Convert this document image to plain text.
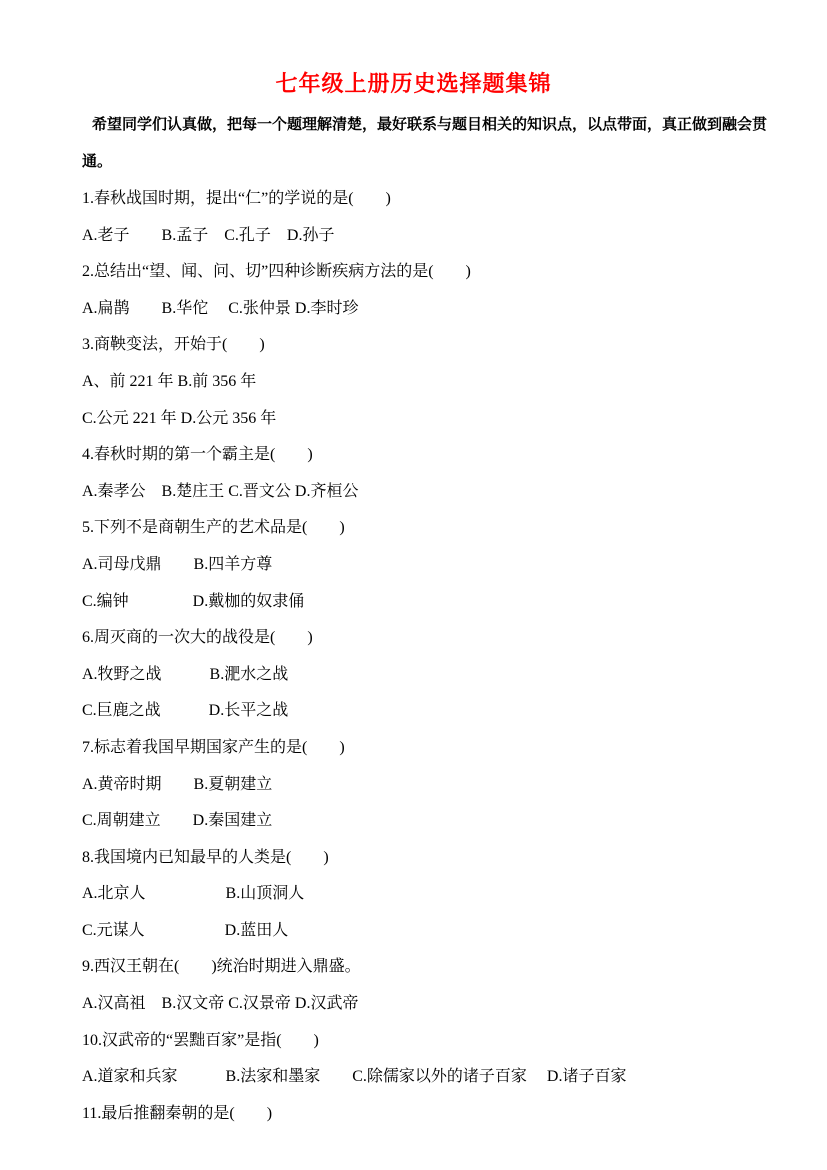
七年级上册历史选择题集锦

希望同学们认真做，把每一个题理解清楚，最好联系与题目相关的知识点，以点带面，真正做到融会贯通。

1.春秋战国时期，提出“仁”的学说的是(　　)

A.老子　　B.孟子　C.孔子　D.孙子

2.总结出“望、闻、问、切”四种诊断疾病方法的是(　　)

A.扁鹊　　B.华佗　 C.张仲景 D.李时珍

3.商鞅变法，开始于(　　)

A、前 221 年 B.前 356 年

C.公元 221 年 D.公元 356 年

4.春秋时期的第一个霸主是(　　)

A.秦孝公　B.楚庄王 C.晋文公 D.齐桓公

5.下列不是商朝生产的艺术品是(　　)

A.司母戊鼎　　B.四羊方尊

C.编钟　　　　D.戴枷的奴隶俑

6.周灭商的一次大的战役是(　　)

A.牧野之战　　　B.淝水之战

C.巨鹿之战　　　D.长平之战

7.标志着我国早期国家产生的是(　　)

A.黄帝时期　　B.夏朝建立

C.周朝建立　　D.秦国建立

8.我国境内已知最早的人类是(　　)

A.北京人　　　　　B.山顶洞人

C.元谋人　　　　　D.蓝田人

9.西汉王朝在(　　)统治时期进入鼎盛。

A.汉高祖　B.汉文帝 C.汉景帝 D.汉武帝

10.汉武帝的“罢黜百家”是指(　　)

A.道家和兵家　　　B.法家和墨家　　C.除儒家以外的诸子百家　 D.诸子百家

11.最后推翻秦朝的是(　　)
